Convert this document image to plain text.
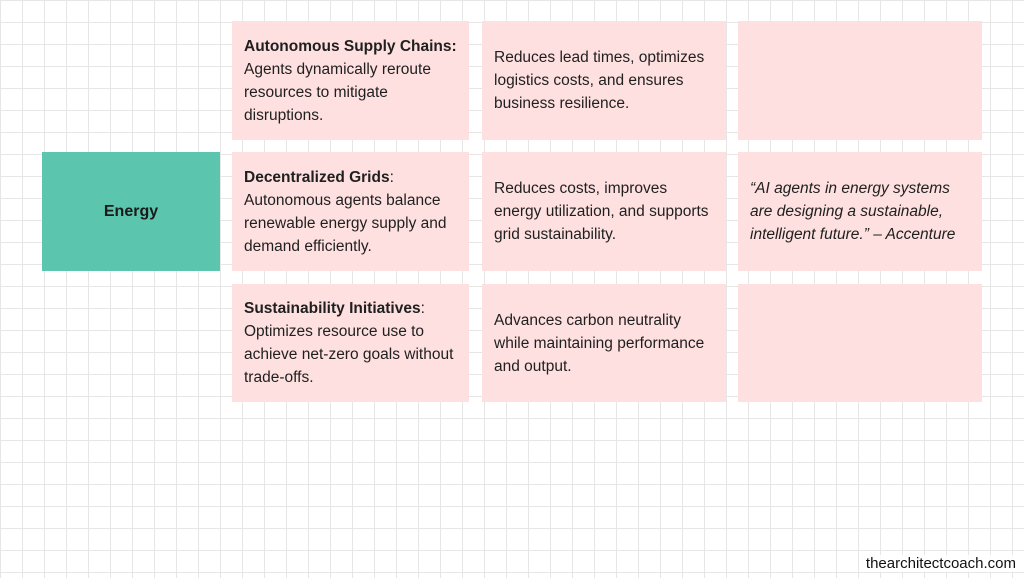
Energy
Autonomous Supply Chains: Agents dynamically reroute resources to mitigate disruptions.
Reduces lead times, optimizes logistics costs, and ensures business resilience.
Decentralized Grids: Autonomous agents balance renewable energy supply and demand efficiently.
Reduces costs, improves energy utilization, and supports grid sustainability.
“AI agents in energy systems are designing a sustainable, intelligent future.” – Accenture
Sustainability Initiatives: Optimizes resource use to achieve net-zero goals without trade-offs.
Advances carbon neutrality while maintaining performance and output.
thearchitectcoach.com
